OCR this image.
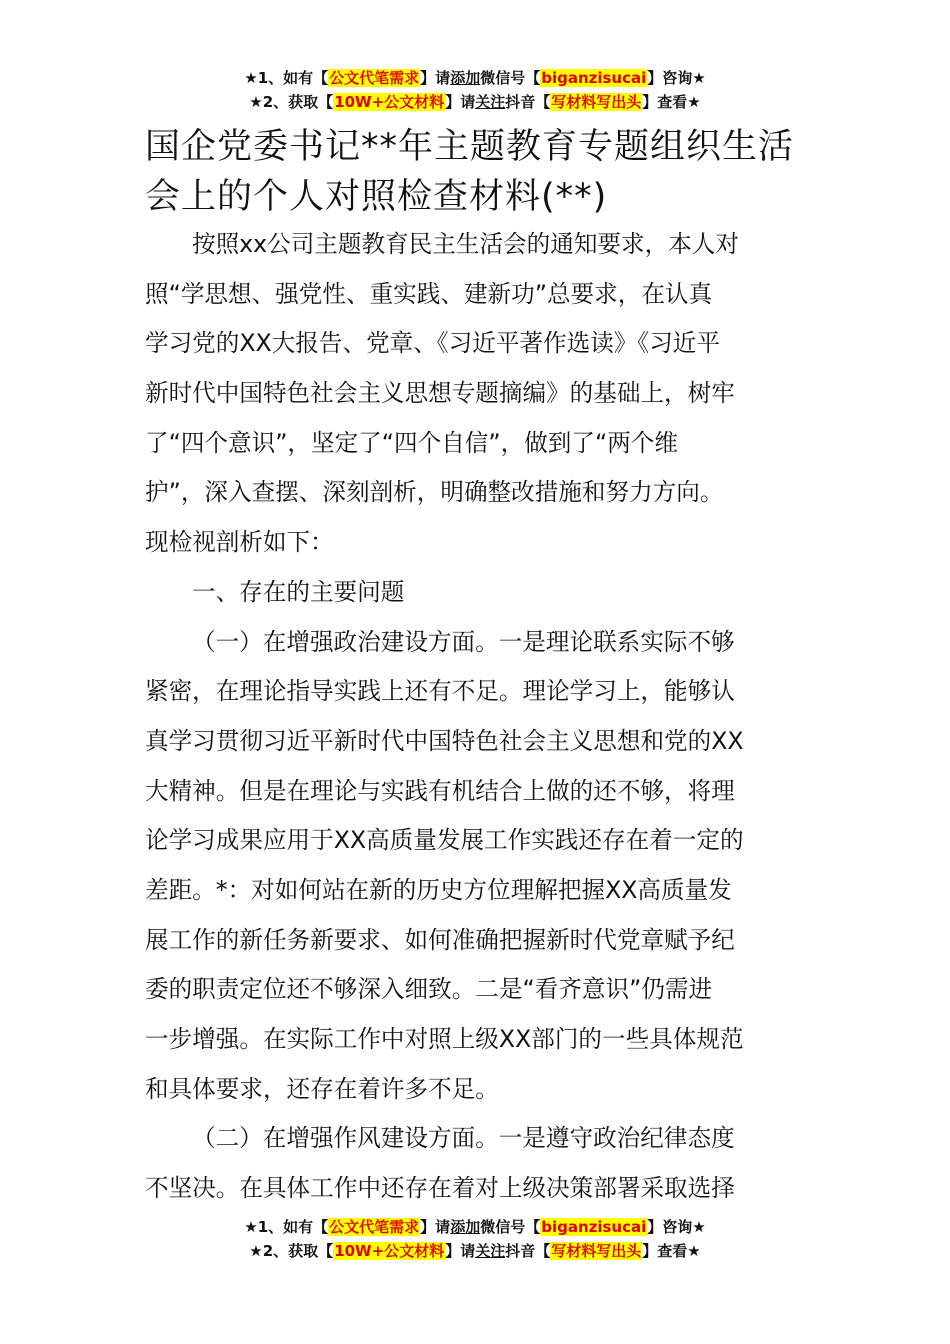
★1、如有【公文代笔需求】请添加微信号【biganzisucai】咨询★
★2、获取【10W+公文材料】请关注抖音【写材料写出头】查看★
国企党委书记**年主题教育专题组织生活
会上的个人对照检查材料(**)
按照xx公司主题教育民主生活会的通知要求，本人对
照“学思想、强党性、重实践、建新功”总要求，在认真
学习党的XX大报告、党章、《习近平著作选读》《习近平
新时代中国特色社会主义思想专题摘编》的基础上，树牢
了“四个意识”，坚定了“四个自信”，做到了“两个维
护”，深入查摆、深刻剖析，明确整改措施和努力方向。
现检视剖析如下：
一、存在的主要问题
（一）在增强政治建设方面。一是理论联系实际不够
紧密，在理论指导实践上还有不足。理论学习上，能够认
真学习贯彻习近平新时代中国特色社会主义思想和党的XX
大精神。但是在理论与实践有机结合上做的还不够，将理
论学习成果应用于XX高质量发展工作实践还存在着一定的
差距。*：对如何站在新的历史方位理解把握XX高质量发
展工作的新任务新要求、如何准确把握新时代党章赋予纪
委的职责定位还不够深入细致。二是“看齐意识”仍需进
一步增强。在实际工作中对照上级XX部门的一些具体规范
和具体要求，还存在着许多不足。
（二）在增强作风建设方面。一是遵守政治纪律态度
不坚决。在具体工作中还存在着对上级决策部署采取选择
★1、如有【公文代笔需求】请添加微信号【biganzisucai】咨询★
★2、获取【10W+公文材料】请关注抖音【写材料写出头】查看★
